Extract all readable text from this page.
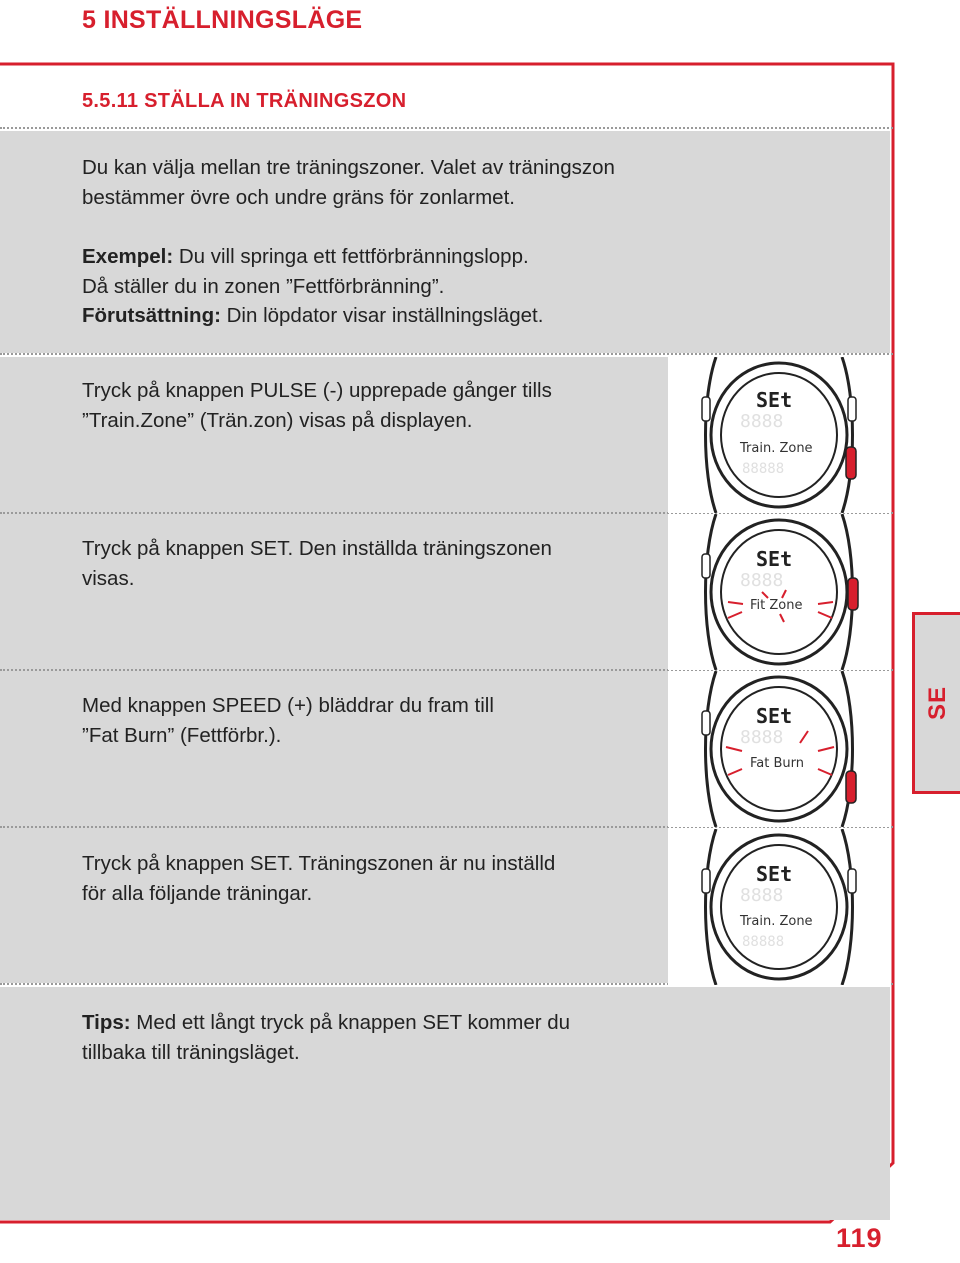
5 INSTÄLLNINGSLÄGE
5.5.11 STÄLLA IN TRÄNINGSZON
Du kan välja mellan tre träningszoner. Valet av träningszon
bestämmer övre och undre gräns för zonlarmet.
Exempel: Du vill springa ett fettförbränningslopp.
Då ställer du in zonen ”Fettförbränning”.
Förutsättning: Din löpdator visar inställningsläget.
Tryck på knappen PULSE (-) upprepade gånger tills
”Train.Zone” (Trän.zon) visas på displayen.
Tryck på knappen SET. Den inställda träningszonen
visas.
Med knappen SPEED (+) bläddrar du fram till
”Fat Burn” (Fettförbr.).
Tryck på knappen SET. Träningszonen är nu inställd
för alla följande träningar.
SEt
8888
Train. Zone
88888
SEt
8888
Fit Zone
SEt
8888
Fat Burn
SEt
8888
Train. Zone
88888
Tips: Med ett långt tryck på knappen SET kommer du
tillbaka till träningsläget.
SE
119
